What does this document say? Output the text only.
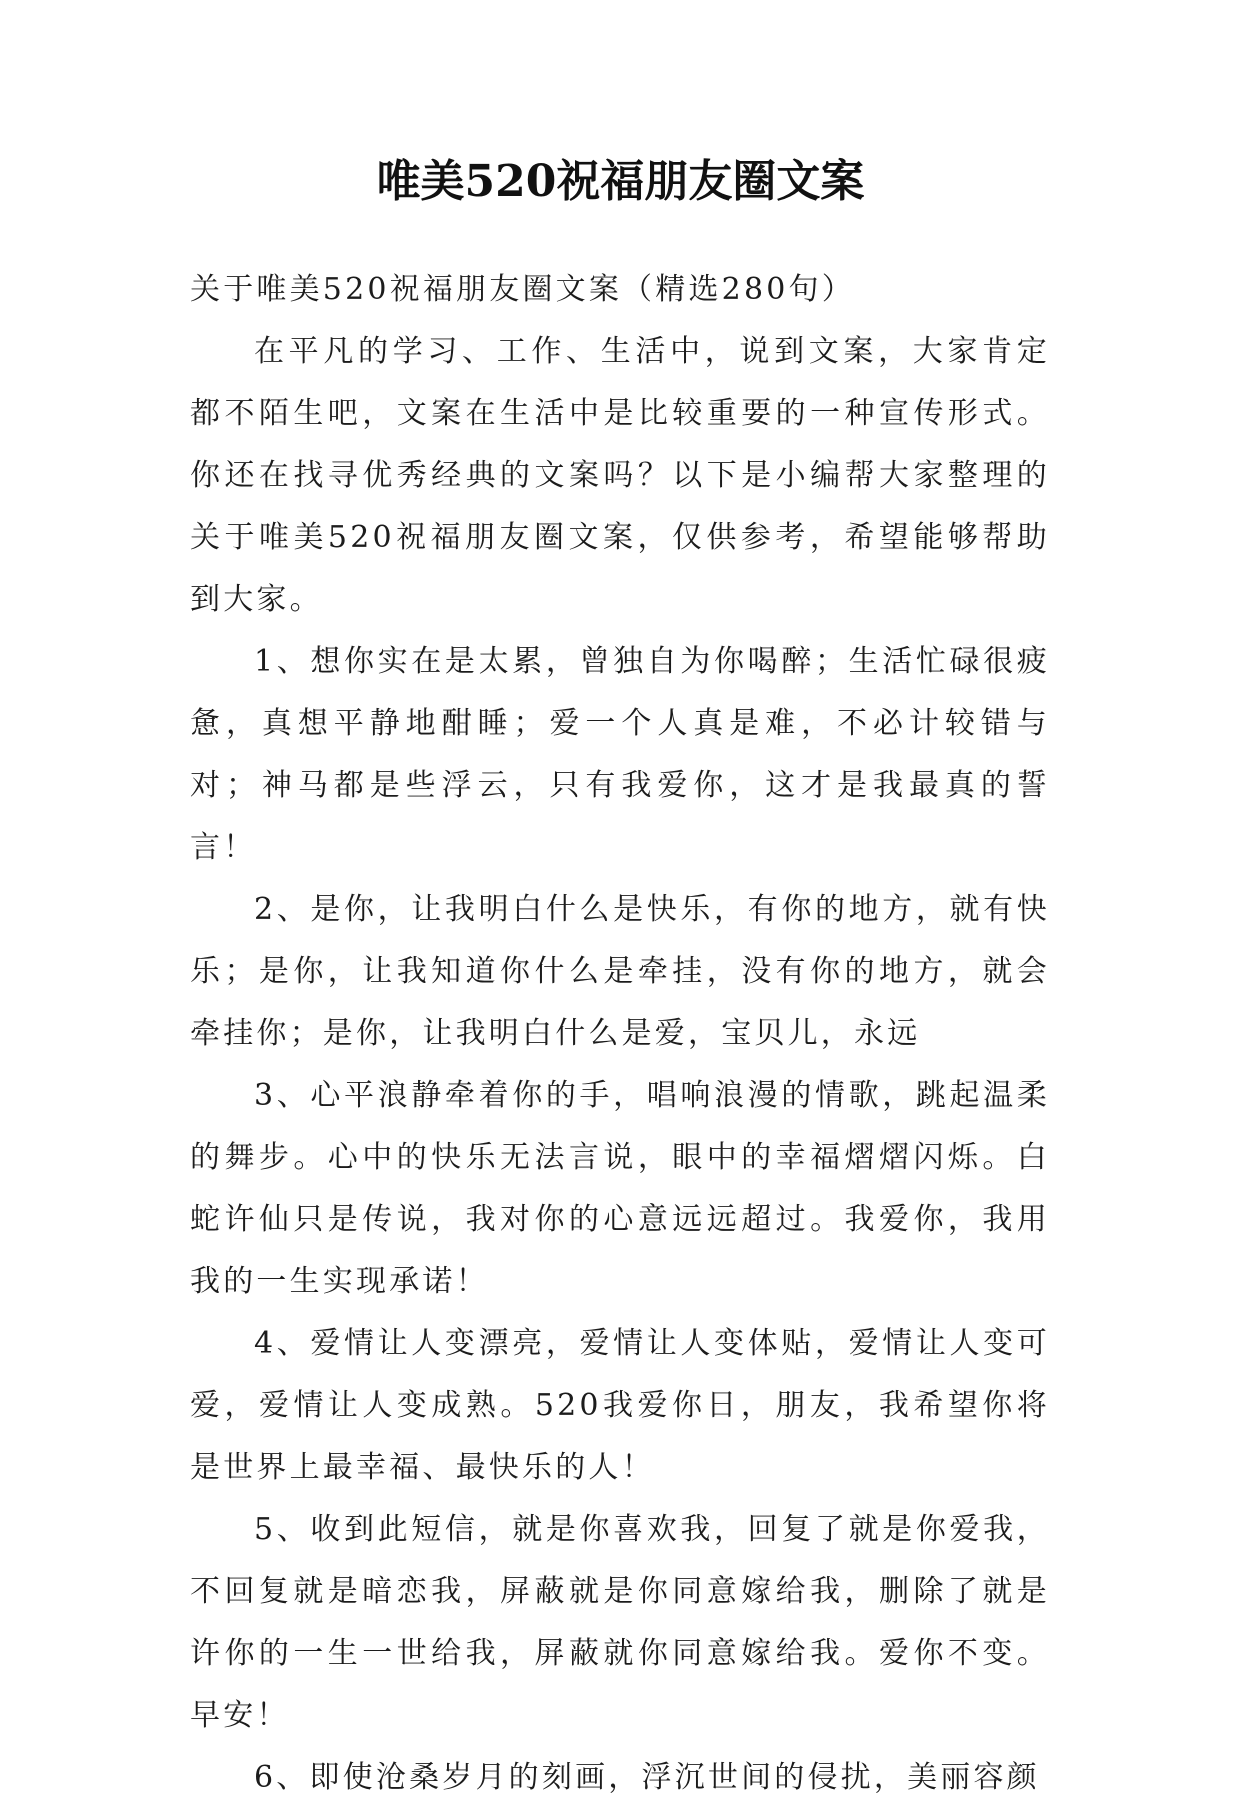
唯美520祝福朋友圈文案

关于唯美520祝福朋友圈文案（精选280句）

在平凡的学习、工作、生活中，说到文案，大家肯定都不陌生吧，文案在生活中是比较重要的一种宣传形式。你还在找寻优秀经典的文案吗？以下是小编帮大家整理的关于唯美520祝福朋友圈文案，仅供参考，希望能够帮助到大家。

1、想你实在是太累，曾独自为你喝醉；生活忙碌很疲惫，真想平静地酣睡；爱一个人真是难，不必计较错与对；神马都是些浮云，只有我爱你，这才是我最真的誓言！

2、是你，让我明白什么是快乐，有你的地方，就有快乐；是你，让我知道你什么是牵挂，没有你的地方，就会牵挂你；是你，让我明白什么是爱，宝贝儿，永远

3、心平浪静牵着你的手，唱响浪漫的情歌，跳起温柔的舞步。心中的快乐无法言说，眼中的幸福熠熠闪烁。白蛇许仙只是传说，我对你的心意远远超过。我爱你，我用我的一生实现承诺！

4、爱情让人变漂亮，爱情让人变体贴，爱情让人变可爱，爱情让人变成熟。520我爱你日，朋友，我希望你将是世界上最幸福、最快乐的人！

5、收到此短信，就是你喜欢我，回复了就是你爱我，不回复就是暗恋我，屏蔽就是你同意嫁给我，删除了就是许你的一生一世给我，屏蔽就你同意嫁给我。爱你不变。早安！

6、即使沧桑岁月的刻画，浮沉世间的侵扰，美丽容颜
